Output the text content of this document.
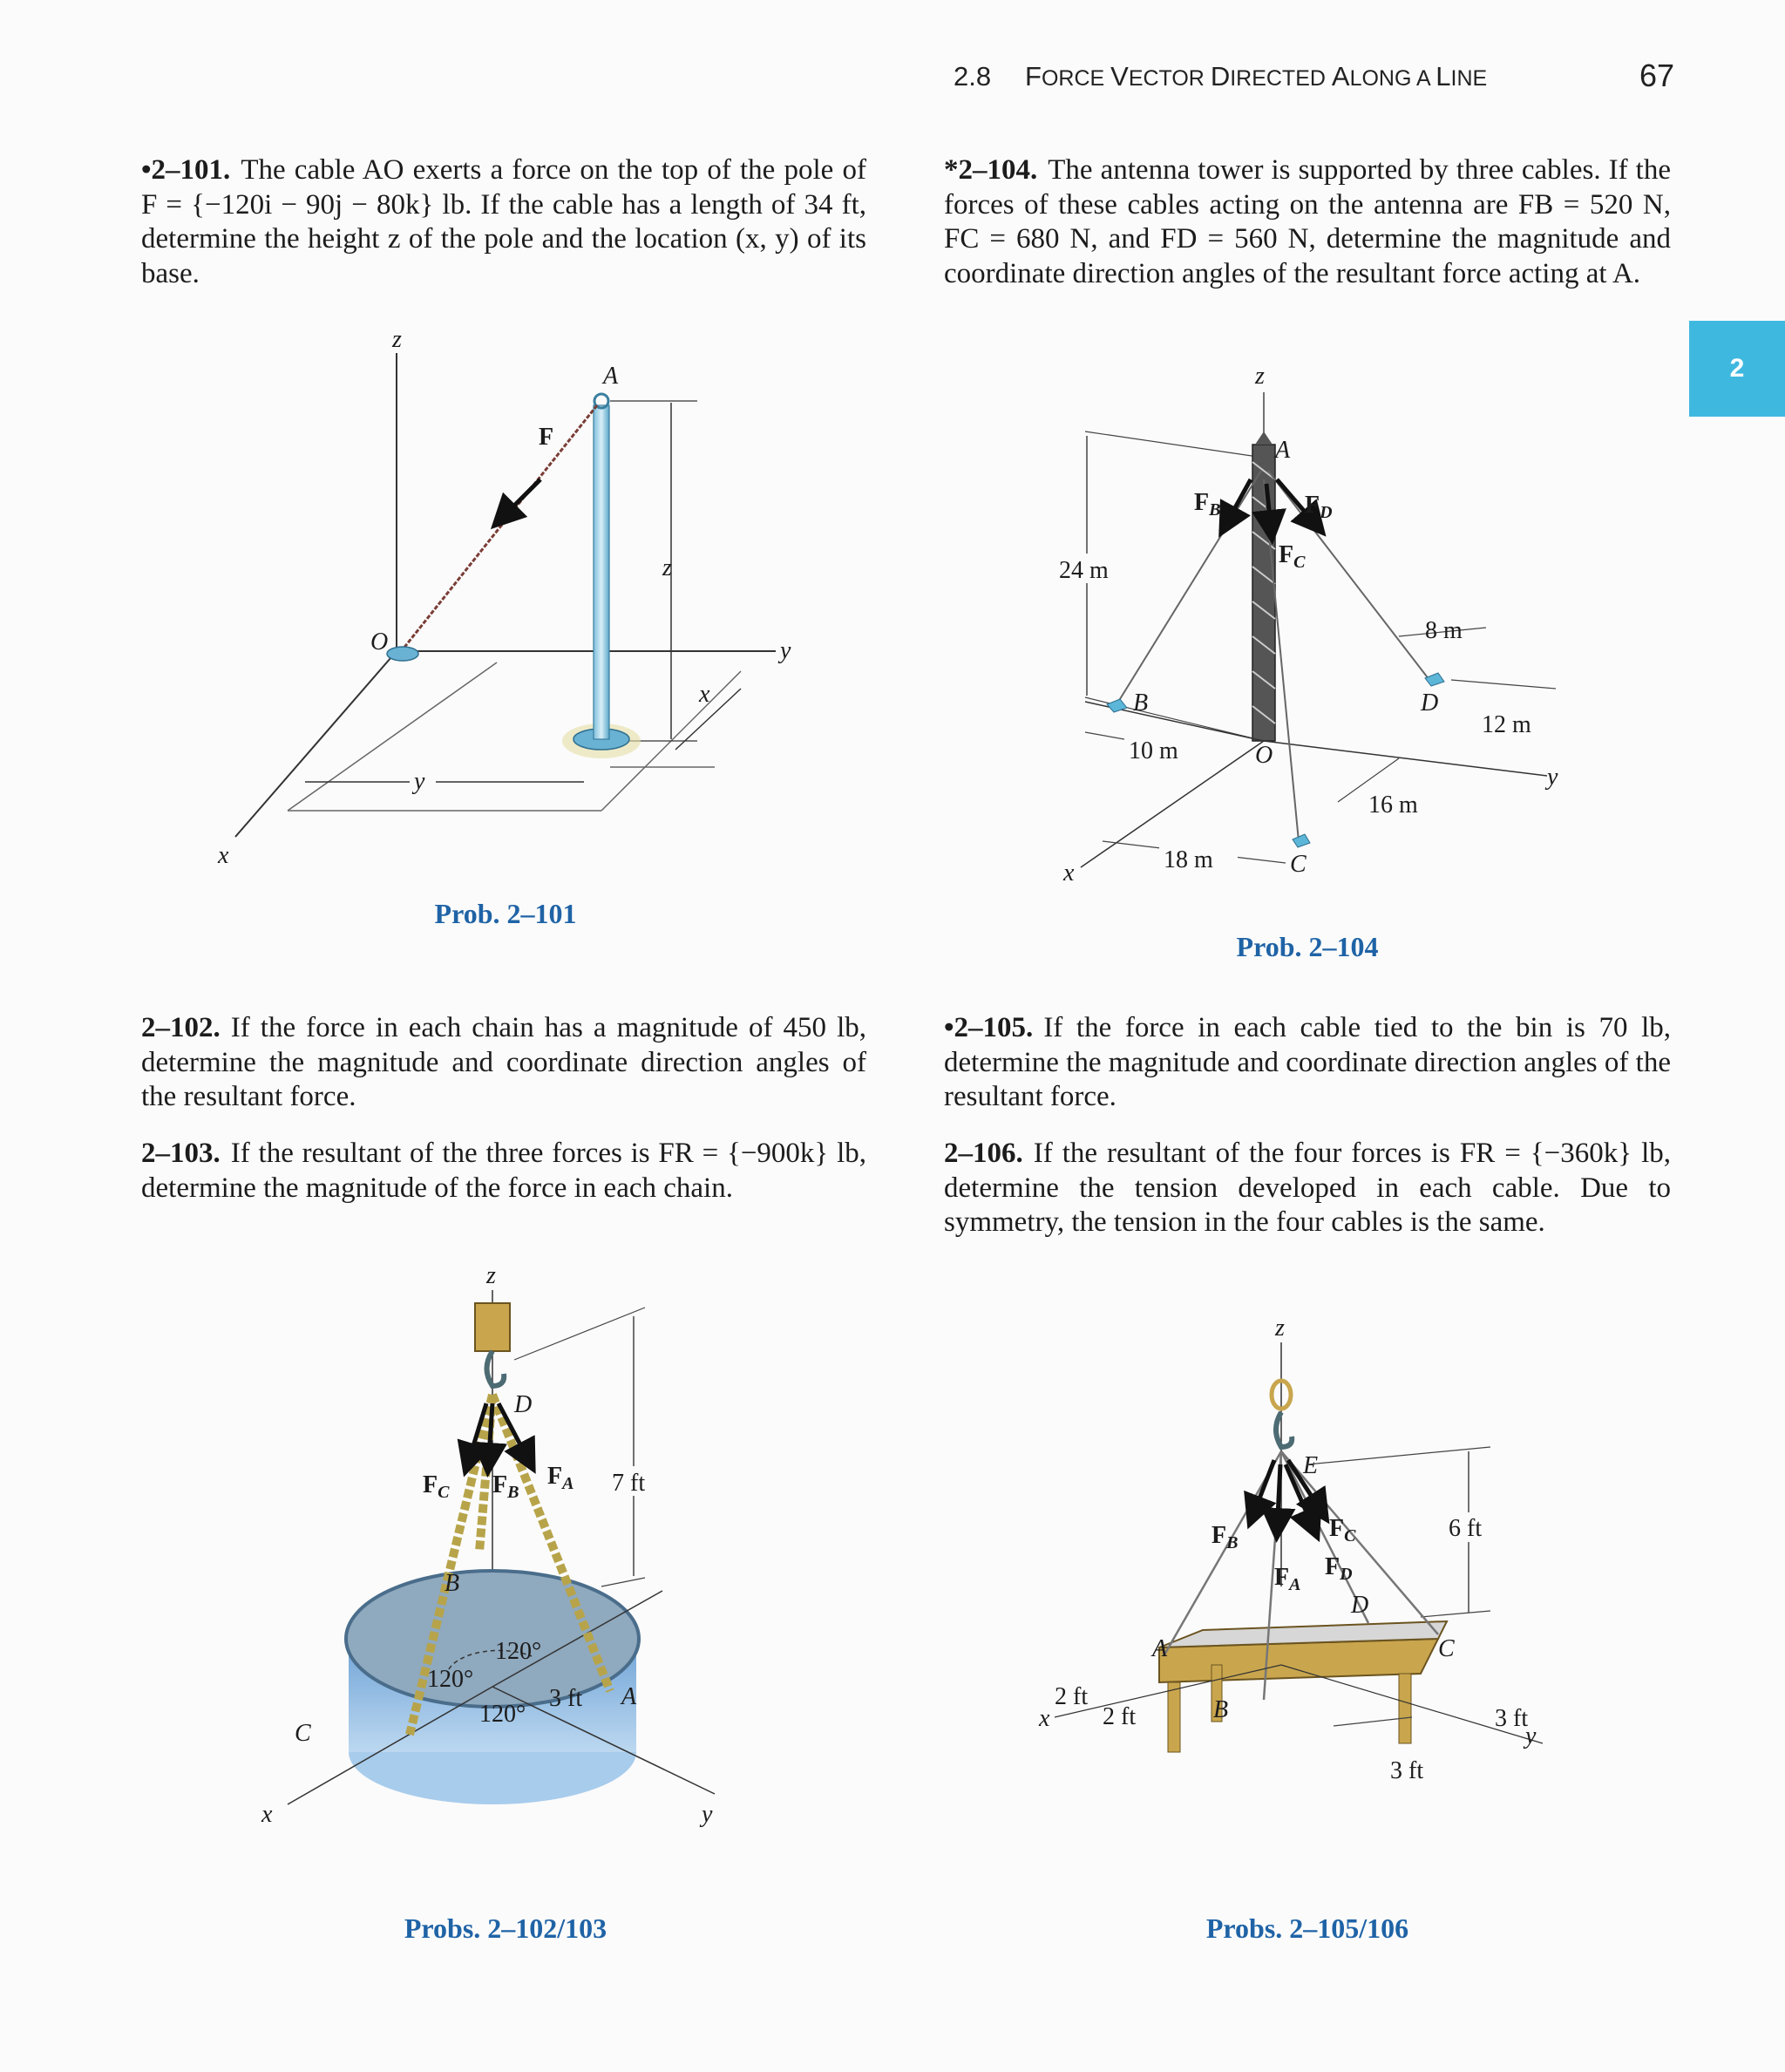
2.8 FORCE VECTOR DIRECTED ALONG A LINE	67
2
•2–101. The cable AO exerts a force on the top of the pole of F = {−120i − 90j − 80k} lb. If the cable has a length of 34 ft, determine the height z of the pole and the location (x, y) of its base.
*2–104. The antenna tower is supported by three cables. If the forces of these cables acting on the antenna are FB = 520 N, FC = 680 N, and FD = 560 N, determine the magnitude and coordinate direction angles of the resultant force acting at A.
2–102. If the force in each chain has a magnitude of 450 lb, determine the magnitude and coordinate direction angles of the resultant force.
2–103. If the resultant of the three forces is FR = {−900k} lb, determine the magnitude of the force in each chain.
•2–105. If the force in each cable tied to the bin is 70 lb, determine the magnitude and coordinate direction angles of the resultant force.
2–106. If the resultant of the four forces is FR = {−360k} lb, determine the tension developed in each cable. Due to symmetry, the tension in the four cables is the same.
z
y
x
y
x
z
A
O
F
Prob. 2–101
z
24 m
A
y
x
B	D
C
O
$F_B$	$F_D$
$F_C$
8 m
12 m
10 m
16 m
18 m
Prob. 2–104
z
D
7 ft
x	y
C
B
A
$F_C$ $F_B$
$F_A$
120°
120°
120°
3 ft
Probs. 2–102/103
z
E
6 ft
A	C
D
B
$F_B$
$F_C$
$F_D$
$F_A$
x
y
2 ft
2 ft	3 ft
3 ft
Probs. 2–105/106
